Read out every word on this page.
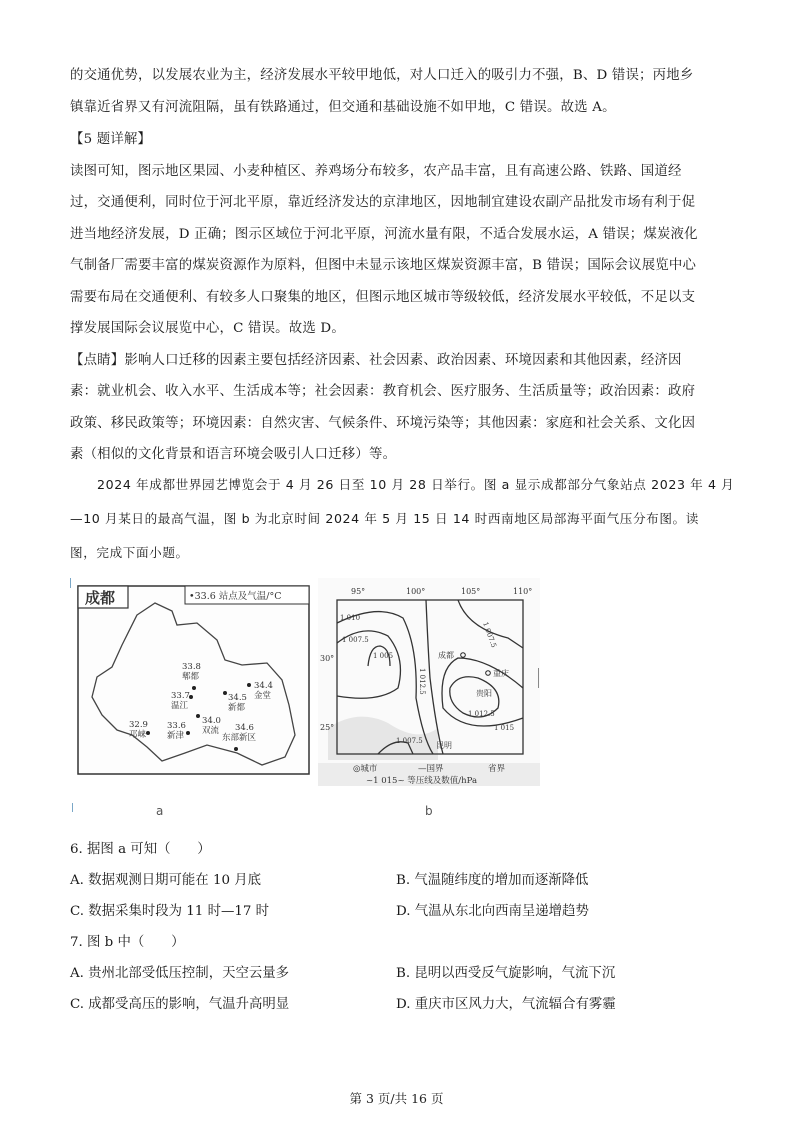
的交通优势，以发展农业为主，经济发展水平较甲地低，对人口迁入的吸引力不强，B、D 错误；丙地乡
镇靠近省界又有河流阻隔，虽有铁路通过，但交通和基础设施不如甲地，C 错误。故选 A。
【5 题详解】
读图可知，图示地区果园、小麦种植区、养鸡场分布较多，农产品丰富，且有高速公路、铁路、国道经
过，交通便利，同时位于河北平原，靠近经济发达的京津地区，因地制宜建设农副产品批发市场有利于促
进当地经济发展，D 正确；图示区域位于河北平原，河流水量有限，不适合发展水运，A 错误；煤炭液化
气制备厂需要丰富的煤炭资源作为原料，但图中未显示该地区煤炭资源丰富，B 错误；国际会议展览中心
需要布局在交通便利、有较多人口聚集的地区，但图示地区城市等级较低，经济发展水平较低，不足以支
撑发展国际会议展览中心，C 错误。故选 D。
【点睛】影响人口迁移的因素主要包括经济因素、社会因素、政治因素、环境因素和其他因素，经济因
素：就业机会、收入水平、生活成本等；社会因素：教育机会、医疗服务、生活质量等；政治因素：政府
政策、移民政策等；环境因素：自然灾害、气候条件、环境污染等；其他因素：家庭和社会关系、文化因
素（相似的文化背景和语言环境会吸引人口迁移）等。
2024 年成都世界园艺博览会于 4 月 26 日至 10 月 28 日举行。图 a 显示成都部分气象站点 2023 年 4 月
—10 月某日的最高气温，图 b 为北京时间 2024 年 5 月 15 日 14 时西南地区局部海平面气压分布图。读
图，完成下面小题。
成都	•33.6 站点及气温/°C
33.8
郫都
33.7
温江
34.5
新都
34.4
金堂
32.9
邛崃
33.6
新津
34.0
双流 34.6
东部新区
95°	100°	105°	110°
30°
25°
1 010
1 007.5
1 005
1 012.5
1 007.5
1 015
1 012.5
1 007.5
成都
重庆
贵阳
昆明
◎城市	—国界	省界
~1 015~ 等压线及数值/hPa
a	b
6. 据图 a 可知（　　）
A. 数据观测日期可能在 10 月底	B. 气温随纬度的增加而逐渐降低
C. 数据采集时段为 11 时—17 时	D. 气温从东北向西南呈递增趋势
7. 图 b 中（　　）
A. 贵州北部受低压控制，天空云量多	B. 昆明以西受反气旋影响，气流下沉
C. 成都受高压的影响，气温升高明显	D. 重庆市区风力大，气流辐合有雾霾
第 3 页/共 16 页
